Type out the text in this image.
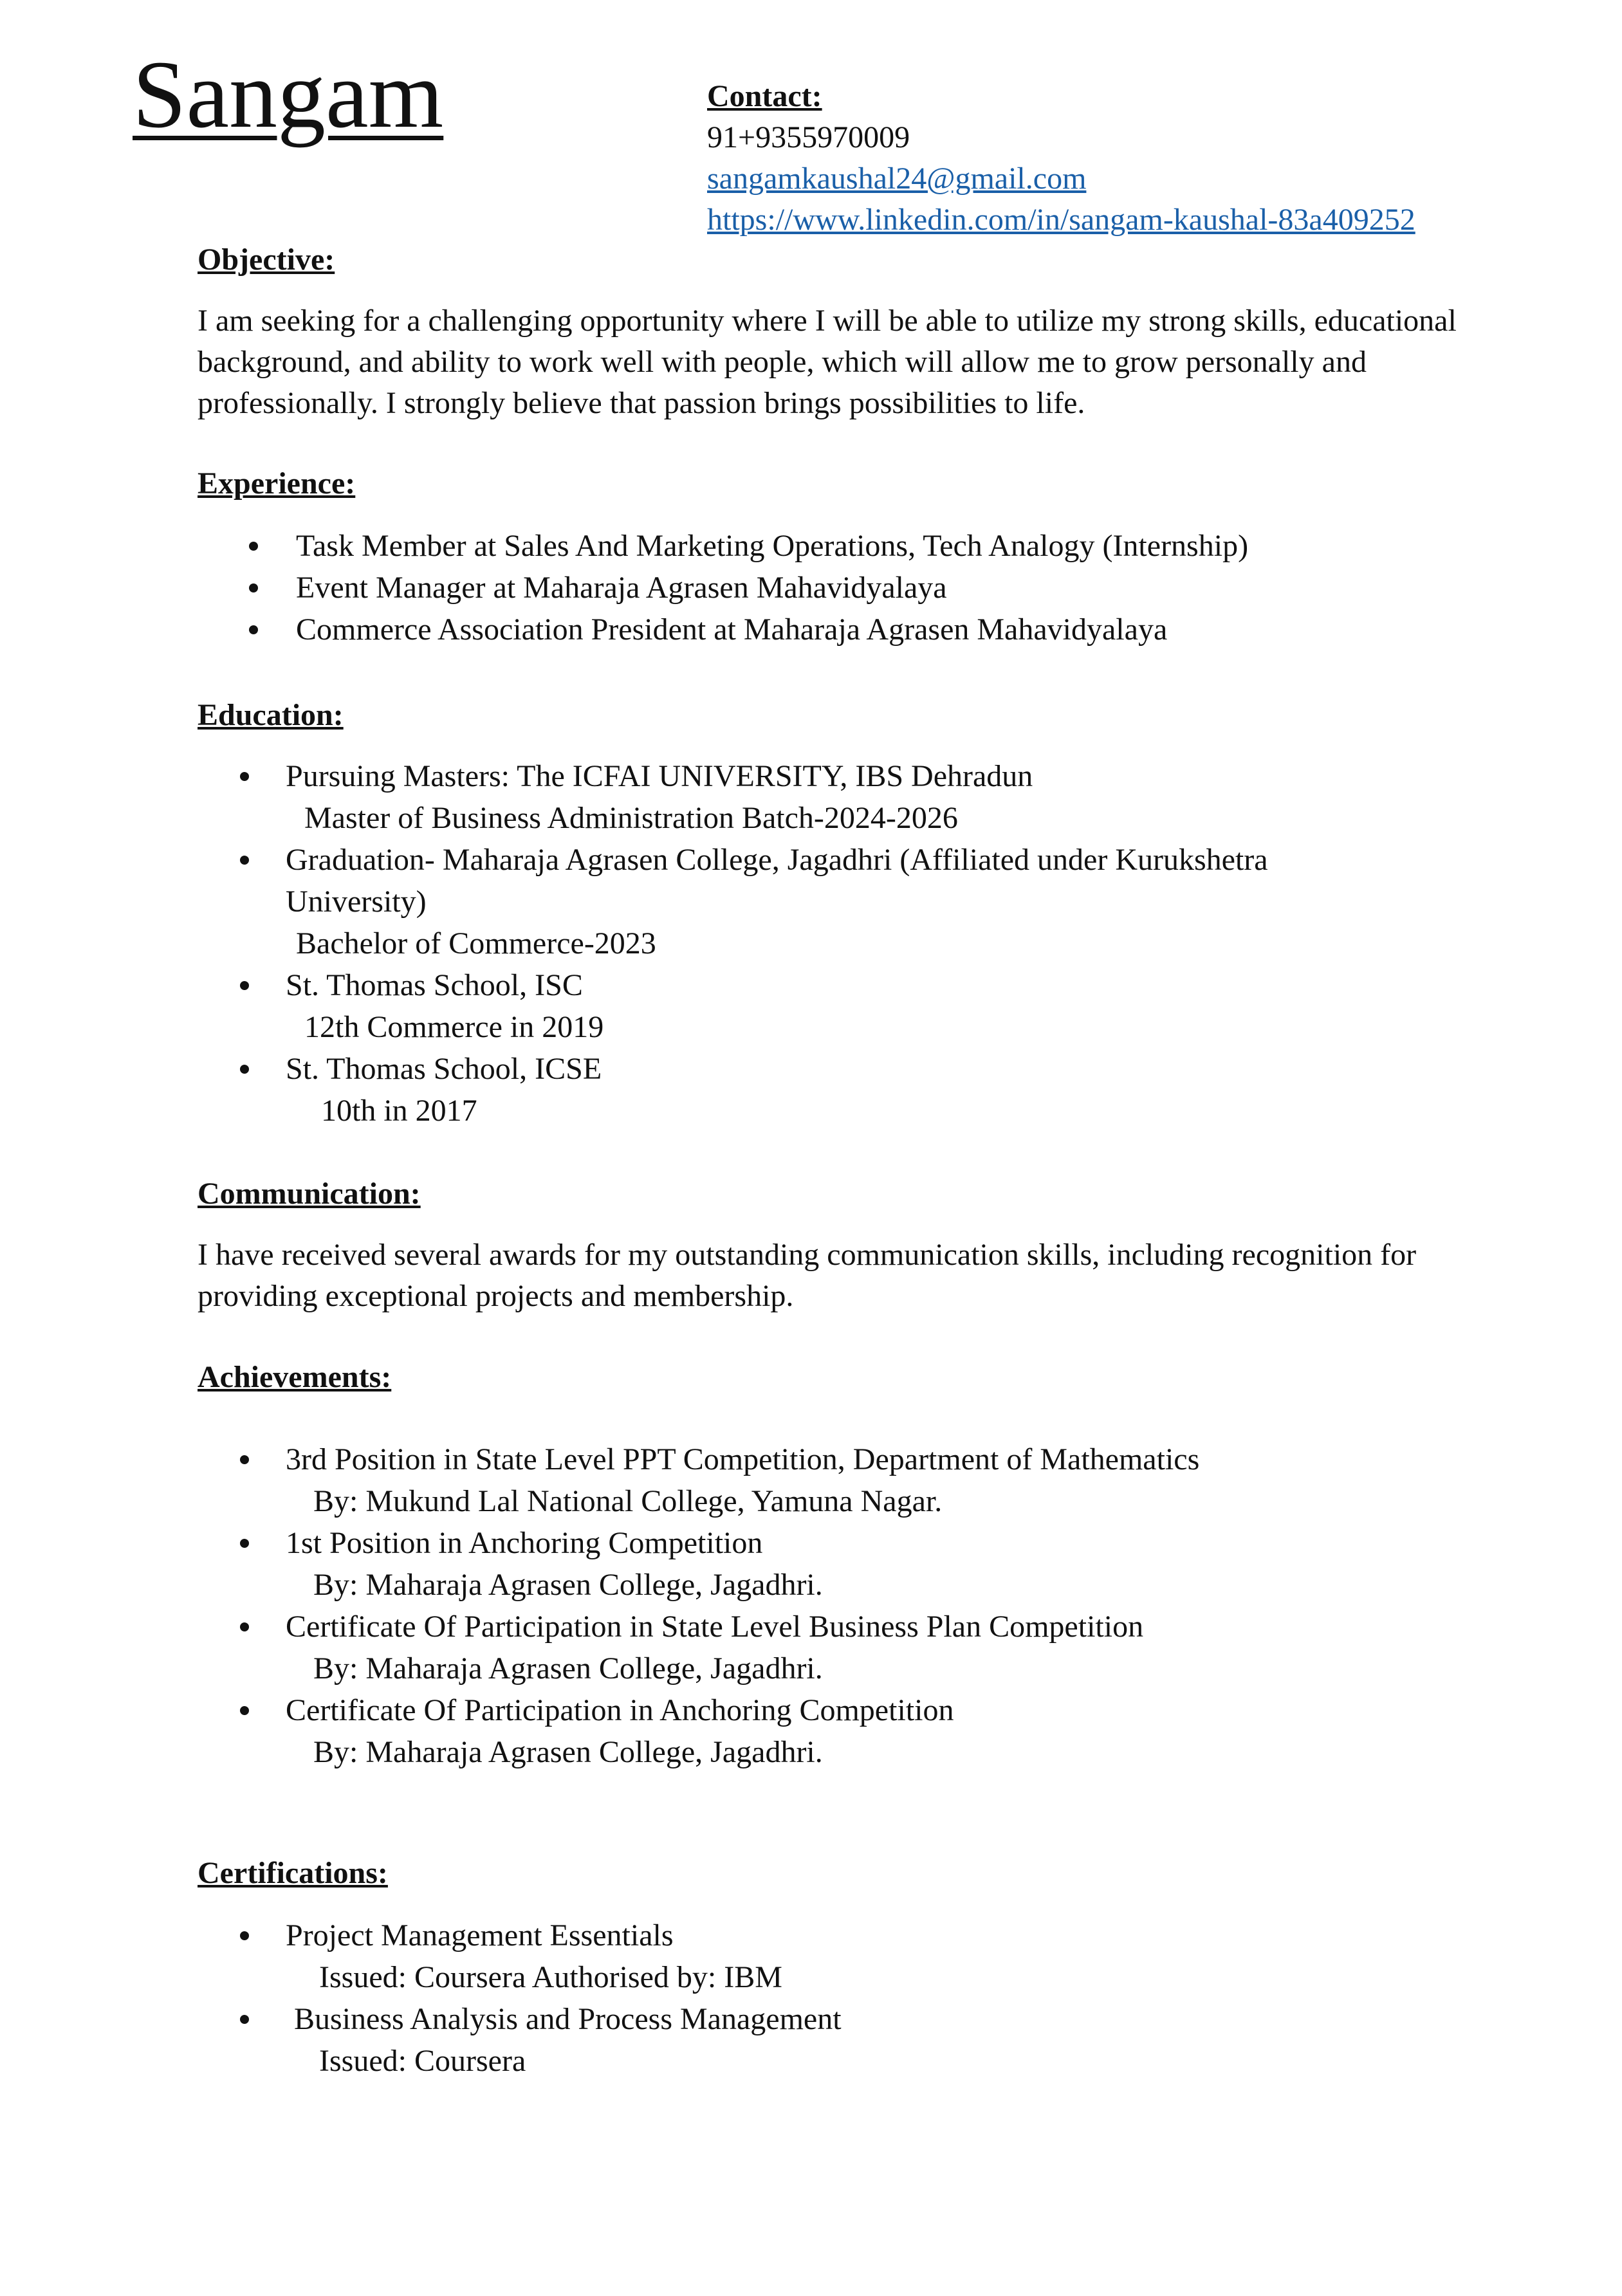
Sangam	Contact:
91+9355970009
sangamkaushal24@gmail.com
https://www.linkedin.com/in/sangam-kaushal-83a409252
Objective:

I am seeking for a challenging opportunity where I will be able to utilize my strong skills, educational background, and ability to work well with people, which will allow me to grow personally and professionally. I strongly believe that passion brings possibilities to life.

Experience:
Task Member at Sales And Marketing Operations, Tech Analogy (Internship)
Event Manager at Maharaja Agrasen Mahavidyalaya
Commerce Association President at Maharaja Agrasen Mahavidyalaya
Education:
Pursuing Masters: The ICFAI UNIVERSITY, IBS Dehradun
Master of Business Administration Batch-2024-2026
Graduation- Maharaja Agrasen College, Jagadhri (Affiliated under Kurukshetra
University)
Bachelor of Commerce-2023
St. Thomas School, ISC
12th Commerce in 2019
St. Thomas School, ICSE
10th in 2017
Communication:

I have received several awards for my outstanding communication skills, including recognition for providing exceptional projects and membership.

Achievements:
3rd Position in State Level PPT Competition, Department of Mathematics
By: Mukund Lal National College, Yamuna Nagar.
1st Position in Anchoring Competition
By: Maharaja Agrasen College, Jagadhri.
Certificate Of Participation in State Level Business Plan Competition
By: Maharaja Agrasen College, Jagadhri.
Certificate Of Participation in Anchoring Competition
By: Maharaja Agrasen College, Jagadhri.
Certifications:
Project Management Essentials
Issued: Coursera Authorised by: IBM
Business Analysis and Process Management
Issued: Coursera
